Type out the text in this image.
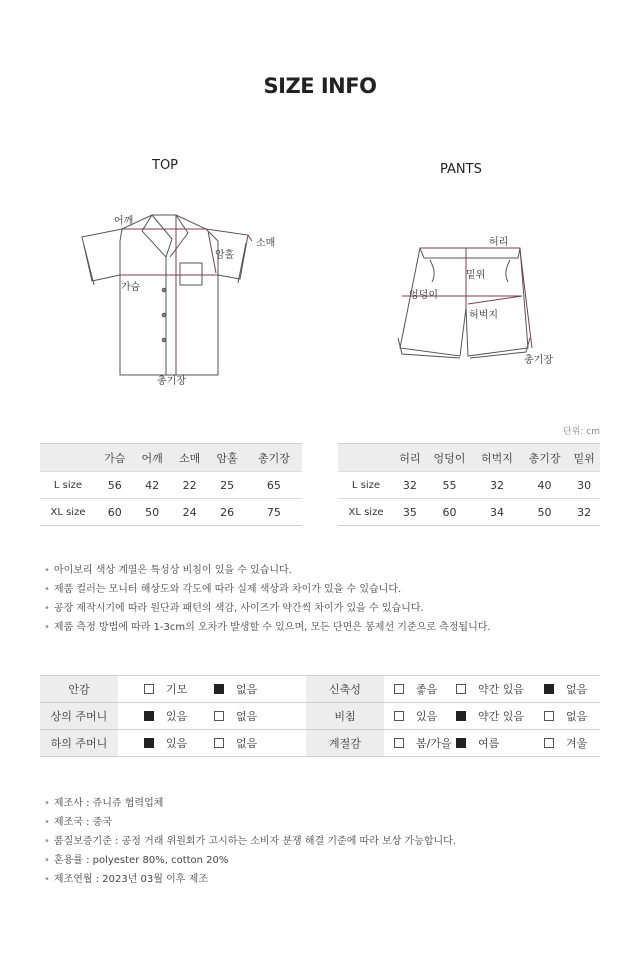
SIZE INFO
TOP
어깨
소매
암홀
가슴
총기장
PANTS
허리
밑위
엉덩이
허벅지
총기장
단위: cm
	가슴	어깨	소매	암홀	총기장
L size	56	42	22	25	65
XL size	60	50	24	26	75
	허리	엉덩이	허벅지	총기장	밑위
L size	32	55	32	40	30
XL size	35	60	34	50	32
• 아이보리 색상 계열은 특성상 비침이 있을 수 있습니다.
• 제품 컬러는 모니터 해상도와 각도에 따라 실제 색상과 차이가 있을 수 있습니다.
• 공장 제작시기에 따라 원단과 패턴의 색감, 사이즈가 약간씩 차이가 있을 수 있습니다.
• 제품 측정 방법에 따라 1-3cm의 오차가 발생할 수 있으며, 모든 단면은 봉제선 기준으로 측정됩니다.
안감	기모	없음	신축성	좋음	약간 있음	없음

상의 주머니	있음	없음	비침	있음	약간 있음	없음

하의 주머니	있음	없음	계절감	봄/가을	여름	겨울
• 제조사 : 쥬니쥬 협력업체
• 제조국 : 중국
• 품질보증기준 : 공정 거래 위원회가 고시하는 소비자 분쟁 해결 기준에 따라 보상 가능합니다.
• 혼용률 : polyester 80%, cotton 20%
• 제조연월 : 2023년 03월 이후 제조
